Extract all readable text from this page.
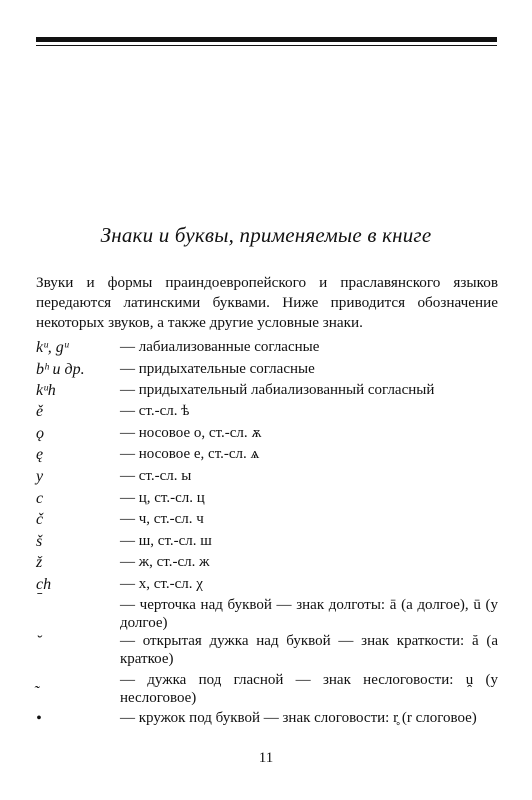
Знаки и буквы, применяемые в книге
Звуки и формы праиндоевропейского и праславянского языков передаются латинскими буквами. Ниже приводится обозначение некоторых звуков, а также другие условные знаки.
kᵘ, gᵘ	— лабиализованные согласные
bʰ и др.	— придыхательные согласные
kᵘh	— придыхательный лабиализованный согласный
ě	— ст.-сл. ѣ
ǫ	— носовое о, ст.-сл. ѫ
ę	— носовое е, ст.-сл. ѧ
y	— ст.-сл. ы
c	— ц, ст.-сл. ц
č	— ч, ст.-сл. ч
š	— ш, ст.-сл. ш
ž	— ж, ст.-сл. ж
ch	— х, ст.-сл. χ
ˉ	— черточка над буквой — знак долготы: ā (а долгое), ū (у долгое)
˘	— открытая дужка над буквой — знак краткости: ă (а краткое)
˷	— дужка под гласной — знак неслоговости: ṷ (у неслоговое)
•	— кружок под буквой — знак слоговости: r̥ (r слоговое)
11
